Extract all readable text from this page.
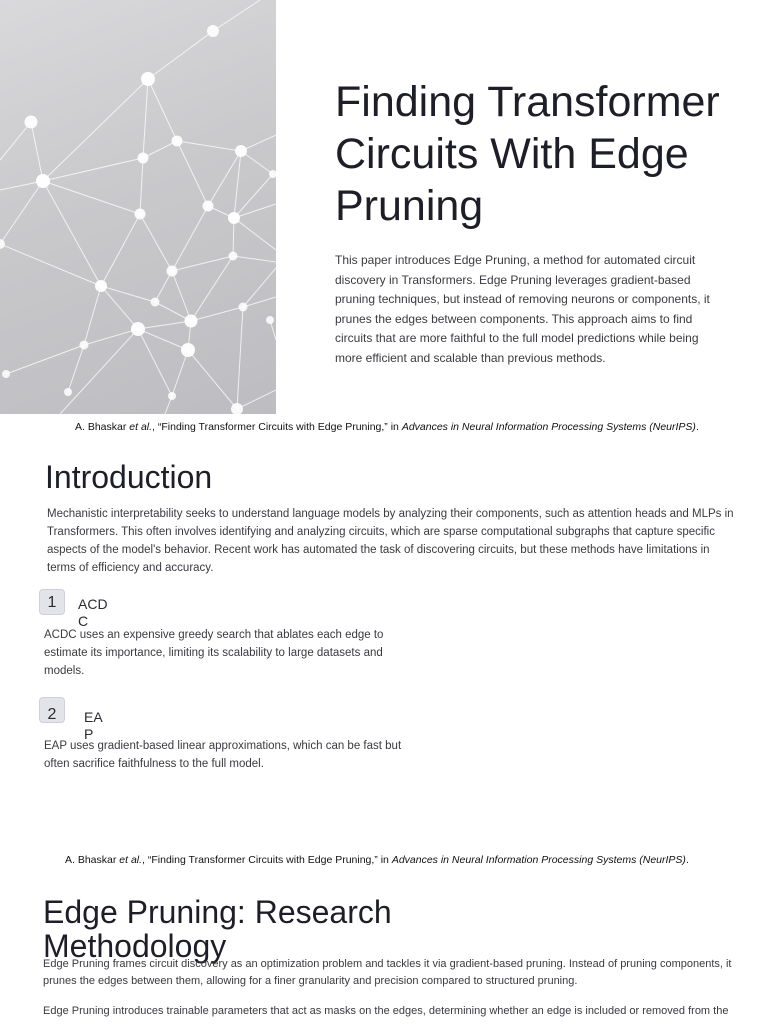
Finding Transformer Circuits With Edge Pruning

This paper introduces Edge Pruning, a method for automated circuit discovery in Transformers. Edge Pruning leverages gradient-based pruning techniques, but instead of removing neurons or components, it prunes the edges between components. This approach aims to find circuits that are more faithful to the full model predictions while being more efficient and scalable than previous methods.

A. Bhaskar et al., “Finding Transformer Circuits with Edge Pruning,” in Advances in Neural Information Processing Systems (NeurIPS).
Introduction

Mechanistic interpretability seeks to understand language models by analyzing their components, such as attention heads and MLPs in Transformers. This often involves identifying and analyzing circuits, which are sparse computational subgraphs that capture specific aspects of the model's behavior. Recent work has automated the task of discovering circuits, but these methods have limitations in terms of efficiency and accuracy.

1	ACDC

ACDC uses an expensive greedy search that ablates each edge to estimate its importance, limiting its scalability to large datasets and models.

2	EAP

EAP uses gradient-based linear approximations, which can be fast but often sacrifice faithfulness to the full model.

A. Bhaskar et al., “Finding Transformer Circuits with Edge Pruning,” in Advances in Neural Information Processing Systems (NeurIPS).
Edge Pruning: Research Methodology

Edge Pruning frames circuit discovery as an optimization problem and tackles it via gradient-based pruning. Instead of pruning components, it prunes the edges between them, allowing for a finer granularity and precision compared to structured pruning.

Edge Pruning introduces trainable parameters that act as masks on the edges, determining whether an edge is included or removed from the
